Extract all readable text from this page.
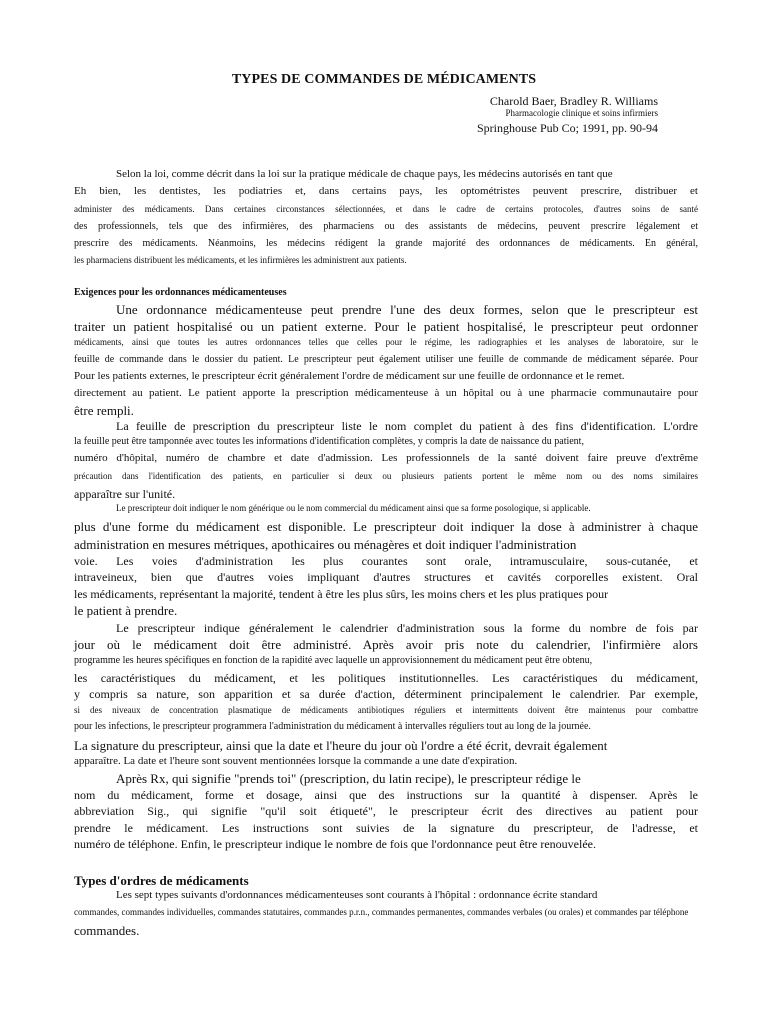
TYPES DE COMMANDES DE MÉDICAMENTS
Charold Baer, Bradley R. Williams
Pharmacologie clinique et soins infirmiers
Springhouse Pub Co; 1991, pp. 90-94
Selon la loi, comme décrit dans la loi sur la pratique médicale de chaque pays, les médecins autorisés en tant que
Eh bien, les dentistes, les podiatries et, dans certains pays, les optométristes peuvent prescrire, distribuer et
administer des médicaments. Dans certaines circonstances sélectionnées, et dans le cadre de certains protocoles, d'autres soins de santé
des professionnels, tels que des infirmières, des pharmaciens ou des assistants de médecins, peuvent prescrire légalement et
prescrire des médicaments. Néanmoins, les médecins rédigent la grande majorité des ordonnances de médicaments. En général,
les pharmaciens distribuent les médicaments, et les infirmières les administrent aux patients.
Exigences pour les ordonnances médicamenteuses
Une ordonnance médicamenteuse peut prendre l'une des deux formes, selon que le prescripteur est
traiter un patient hospitalisé ou un patient externe. Pour le patient hospitalisé, le prescripteur peut ordonner
médicaments, ainsi que toutes les autres ordonnances telles que celles pour le régime, les radiographies et les analyses de laboratoire, sur le
feuille de commande dans le dossier du patient. Le prescripteur peut également utiliser une feuille de commande de médicament séparée. Pour
Pour les patients externes, le prescripteur écrit généralement l'ordre de médicament sur une feuille de ordonnance et le remet.
directement au patient. Le patient apporte la prescription médicamenteuse à un hôpital ou à une pharmacie communautaire pour
être rempli.
La feuille de prescription du prescripteur liste le nom complet du patient à des fins d'identification. L'ordre
la feuille peut être tamponnée avec toutes les informations d'identification complètes, y compris la date de naissance du patient,
numéro d'hôpital, numéro de chambre et date d'admission. Les professionnels de la santé doivent faire preuve d'extrême
précaution dans l'identification des patients, en particulier si deux ou plusieurs patients portent le même nom ou des noms similaires
apparaître sur l'unité.
Le prescripteur doit indiquer le nom générique ou le nom commercial du médicament ainsi que sa forme posologique, si applicable.
plus d'une forme du médicament est disponible. Le prescripteur doit indiquer la dose à administrer à chaque
administration en mesures métriques, apothicaires ou ménagères et doit indiquer l'administration
voie. Les voies d'administration les plus courantes sont orale, intramusculaire, sous-cutanée, et
intraveineux, bien que d'autres voies impliquant d'autres structures et cavités corporelles existent. Oral
les médicaments, représentant la majorité, tendent à être les plus sûrs, les moins chers et les plus pratiques pour
le patient à prendre.
Le prescripteur indique généralement le calendrier d'administration sous la forme du nombre de fois par
jour où le médicament doit être administré. Après avoir pris note du calendrier, l'infirmière alors
programme les heures spécifiques en fonction de la rapidité avec laquelle un approvisionnement du médicament peut être obtenu,
les caractéristiques du médicament, et les politiques institutionnelles. Les caractéristiques du médicament,
y compris sa nature, son apparition et sa durée d'action, déterminent principalement le calendrier. Par exemple,
si des niveaux de concentration plasmatique de médicaments antibiotiques réguliers et intermittents doivent être maintenus pour combattre
pour les infections, le prescripteur programmera l'administration du médicament à intervalles réguliers tout au long de la journée.
La signature du prescripteur, ainsi que la date et l'heure du jour où l'ordre a été écrit, devrait également
apparaître. La date et l'heure sont souvent mentionnées lorsque la commande a une date d'expiration.
Après Rx, qui signifie "prends toi" (prescription, du latin recipe), le prescripteur rédige le
nom du médicament, forme et dosage, ainsi que des instructions sur la quantité à dispenser. Après le
abbreviation Sig., qui signifie "qu'il soit étiqueté", le prescripteur écrit des directives au patient pour
prendre le médicament. Les instructions sont suivies de la signature du prescripteur, de l'adresse, et
numéro de téléphone. Enfin, le prescripteur indique le nombre de fois que l'ordonnance peut être renouvelée.
Types d'ordres de médicaments
Les sept types suivants d'ordonnances médicamenteuses sont courants à l'hôpital : ordonnance écrite standard
commandes, commandes individuelles, commandes statutaires, commandes p.r.n., commandes permanentes, commandes verbales (ou orales) et commandes par téléphone
commandes.
